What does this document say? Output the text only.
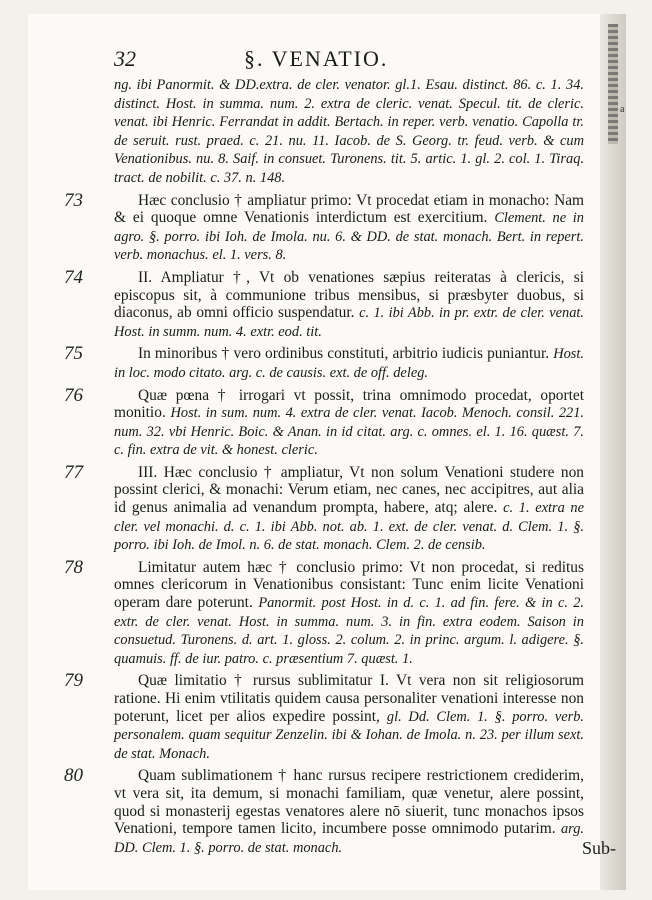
32	§. VENATIO.
ng. ibi Panormit. & DD.extra. de cler. venator. gl.1. Esau. distinct. 86. c. 1. 34. distinct. Host. in summa. num. 2. extra de cleric. venat. Specul. tit. de cleric. venat. ibi Henric. Ferrandat in addit. Bertach. in reper. verb. venatio. Capolla tr. de seruit. rust. praed. c. 21. nu. 11. Iacob. de S. Georg. tr. feud. verb. & cum Venationibus. nu. 8. Saif. in consuet. Turonens. tit. 5. artic. 1. gl. 2. col. 1. Tiraq. tract. de nobilit. c. 37. n. 148.
73	Hæc conclusio † ampliatur primo: Vt procedat etiam in monacho: Nam & ei quoque omne Venationis interdictum est exercitium. Clement. ne in agro. §. porro. ibi Ioh. de Imola. nu. 6. & DD. de stat. monach. Bert. in repert. verb. monachus. el. 1. vers. 8.
74	II. Ampliatur †, Vt ob venationes sæpius reiteratas à clericis, si episcopus sit, à communione tribus mensibus, si præsbyter duobus, si diaconus, ab omni officio suspendatur. c. 1. ibi Abb. in pr. extr. de cler. venat. Host. in summ. num. 4. extr. eod. tit.
75	In minoribus † vero ordinibus constituti, arbitrio iudicis puniantur. Host. in loc. modo citato. arg. c. de causis. ext. de off. deleg.
76	Quæ pœna † irrogari vt possit, trina omnimodo procedat, oportet monitio. Host. in sum. num. 4. extra de cler. venat. Iacob. Menoch. consil. 221. num. 32. vbi Henric. Boic. & Anan. in id citat. arg. c. omnes. el. 1. 16. quæst. 7. c. fin. extra de vit. & honest. cleric.
77	III. Hæc conclusio † ampliatur, Vt non solum Venationi studere non possint clerici, & monachi: Verum etiam, nec canes, nec accipitres, aut alia id genus animalia ad venandum prompta, habere, atq; alere. c. 1. extra ne cler. vel monachi. d. c. 1. ibi Abb. not. ab. 1. ext. de cler. venat. d. Clem. 1. §. porro. ibi Ioh. de Imol. n. 6. de stat. monach. Clem. 2. de censib.
78	Limitatur autem hæc † conclusio primo: Vt non procedat, si reditus omnes clericorum in Venationibus consistant: Tunc enim licite Venationi operam dare poterunt. Panormit. post Host. in d. c. 1. ad fin. fere. & in c. 2. extr. de cler. venat. Host. in summa. num. 3. in fin. extra eodem. Saison in consuetud. Turonens. d. art. 1. gloss. 2. colum. 2. in princ. argum. l. adigere. §. quamuis. ff. de iur. patro. c. præsentium 7. quæst. 1.
79	Quæ limitatio † rursus sublimitatur I. Vt vera non sit religiosorum ratione. Hi enim vtilitatis quidem causa personaliter venationi interesse non poterunt, licet per alios expedire possint, gl. Dd. Clem. 1. §. porro. verb. personalem. quam sequitur Zenzelin. ibi & Iohan. de Imola. n. 23. per illum sext. de stat. Monach.
80	Quam sublimationem † hanc rursus recipere restrictionem crediderim, vt vera sit, ita demum, si monachi familiam, quæ venetur, alere possint, quod si monasterij egestas venatores alere nō siuerit, tunc monachos ipsos Venationi, tempore tamen licito, incumbere posse omnimodo putarim. arg. DD. Clem. 1. §. porro. de stat. monach.	Sub-
a
